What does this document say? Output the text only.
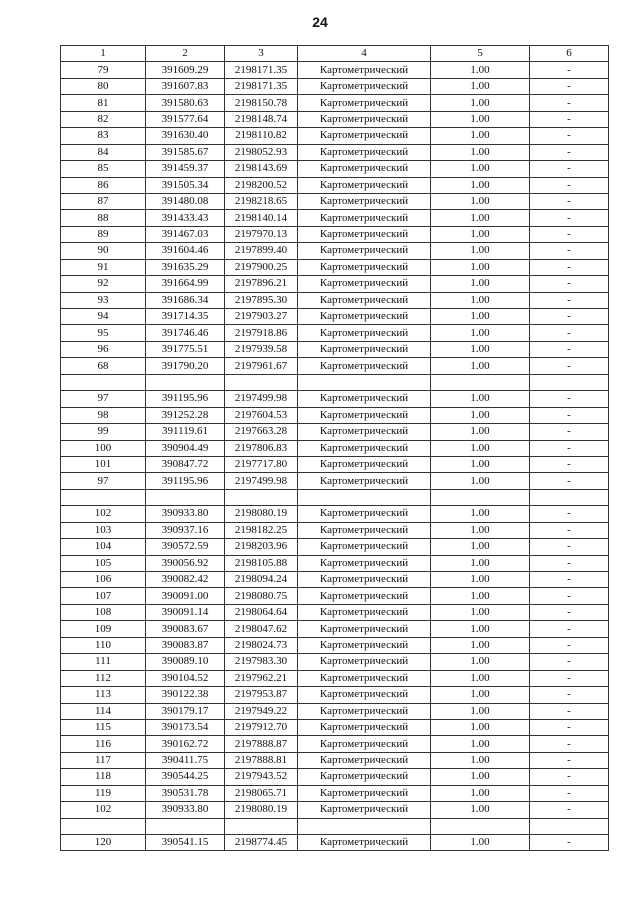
24
1	2	3	4	5	6
79	391609.29	2198171.35	Картометрический	1.00	-
80	391607.83	2198171.35	Картометрический	1.00	-
81	391580.63	2198150.78	Картометрический	1.00	-
82	391577.64	2198148.74	Картометрический	1.00	-
83	391630.40	2198110.82	Картометрический	1.00	-
84	391585.67	2198052.93	Картометрический	1.00	-
85	391459.37	2198143.69	Картометрический	1.00	-
86	391505.34	2198200.52	Картометрический	1.00	-
87	391480.08	2198218.65	Картометрический	1.00	-
88	391433.43	2198140.14	Картометрический	1.00	-
89	391467.03	2197970.13	Картометрический	1.00	-
90	391604.46	2197899.40	Картометрический	1.00	-
91	391635.29	2197900.25	Картометрический	1.00	-
92	391664.99	2197896.21	Картометрический	1.00	-
93	391686.34	2197895.30	Картометрический	1.00	-
94	391714.35	2197903.27	Картометрический	1.00	-
95	391746.46	2197918.86	Картометрический	1.00	-
96	391775.51	2197939.58	Картометрический	1.00	-
68	391790.20	2197961.67	Картометрический	1.00	-

97	391195.96	2197499.98	Картометрический	1.00	-
98	391252.28	2197604.53	Картометрический	1.00	-
99	391119.61	2197663.28	Картометрический	1.00	-
100	390904.49	2197806.83	Картометрический	1.00	-
101	390847.72	2197717.80	Картометрический	1.00	-
97	391195.96	2197499.98	Картометрический	1.00	-

102	390933.80	2198080.19	Картометрический	1.00	-
103	390937.16	2198182.25	Картометрический	1.00	-
104	390572.59	2198203.96	Картометрический	1.00	-
105	390056.92	2198105.88	Картометрический	1.00	-
106	390082.42	2198094.24	Картометрический	1.00	-
107	390091.00	2198080.75	Картометрический	1.00	-
108	390091.14	2198064.64	Картометрический	1.00	-
109	390083.67	2198047.62	Картометрический	1.00	-
110	390083.87	2198024.73	Картометрический	1.00	-
111	390089.10	2197983.30	Картометрический	1.00	-
112	390104.52	2197962.21	Картометрический	1.00	-
113	390122.38	2197953.87	Картометрический	1.00	-
114	390179.17	2197949.22	Картометрический	1.00	-
115	390173.54	2197912.70	Картометрический	1.00	-
116	390162.72	2197888.87	Картометрический	1.00	-
117	390411.75	2197888.81	Картометрический	1.00	-
118	390544.25	2197943.52	Картометрический	1.00	-
119	390531.78	2198065.71	Картометрический	1.00	-
102	390933.80	2198080.19	Картометрический	1.00	-

120	390541.15	2198774.45	Картометрический	1.00	-
